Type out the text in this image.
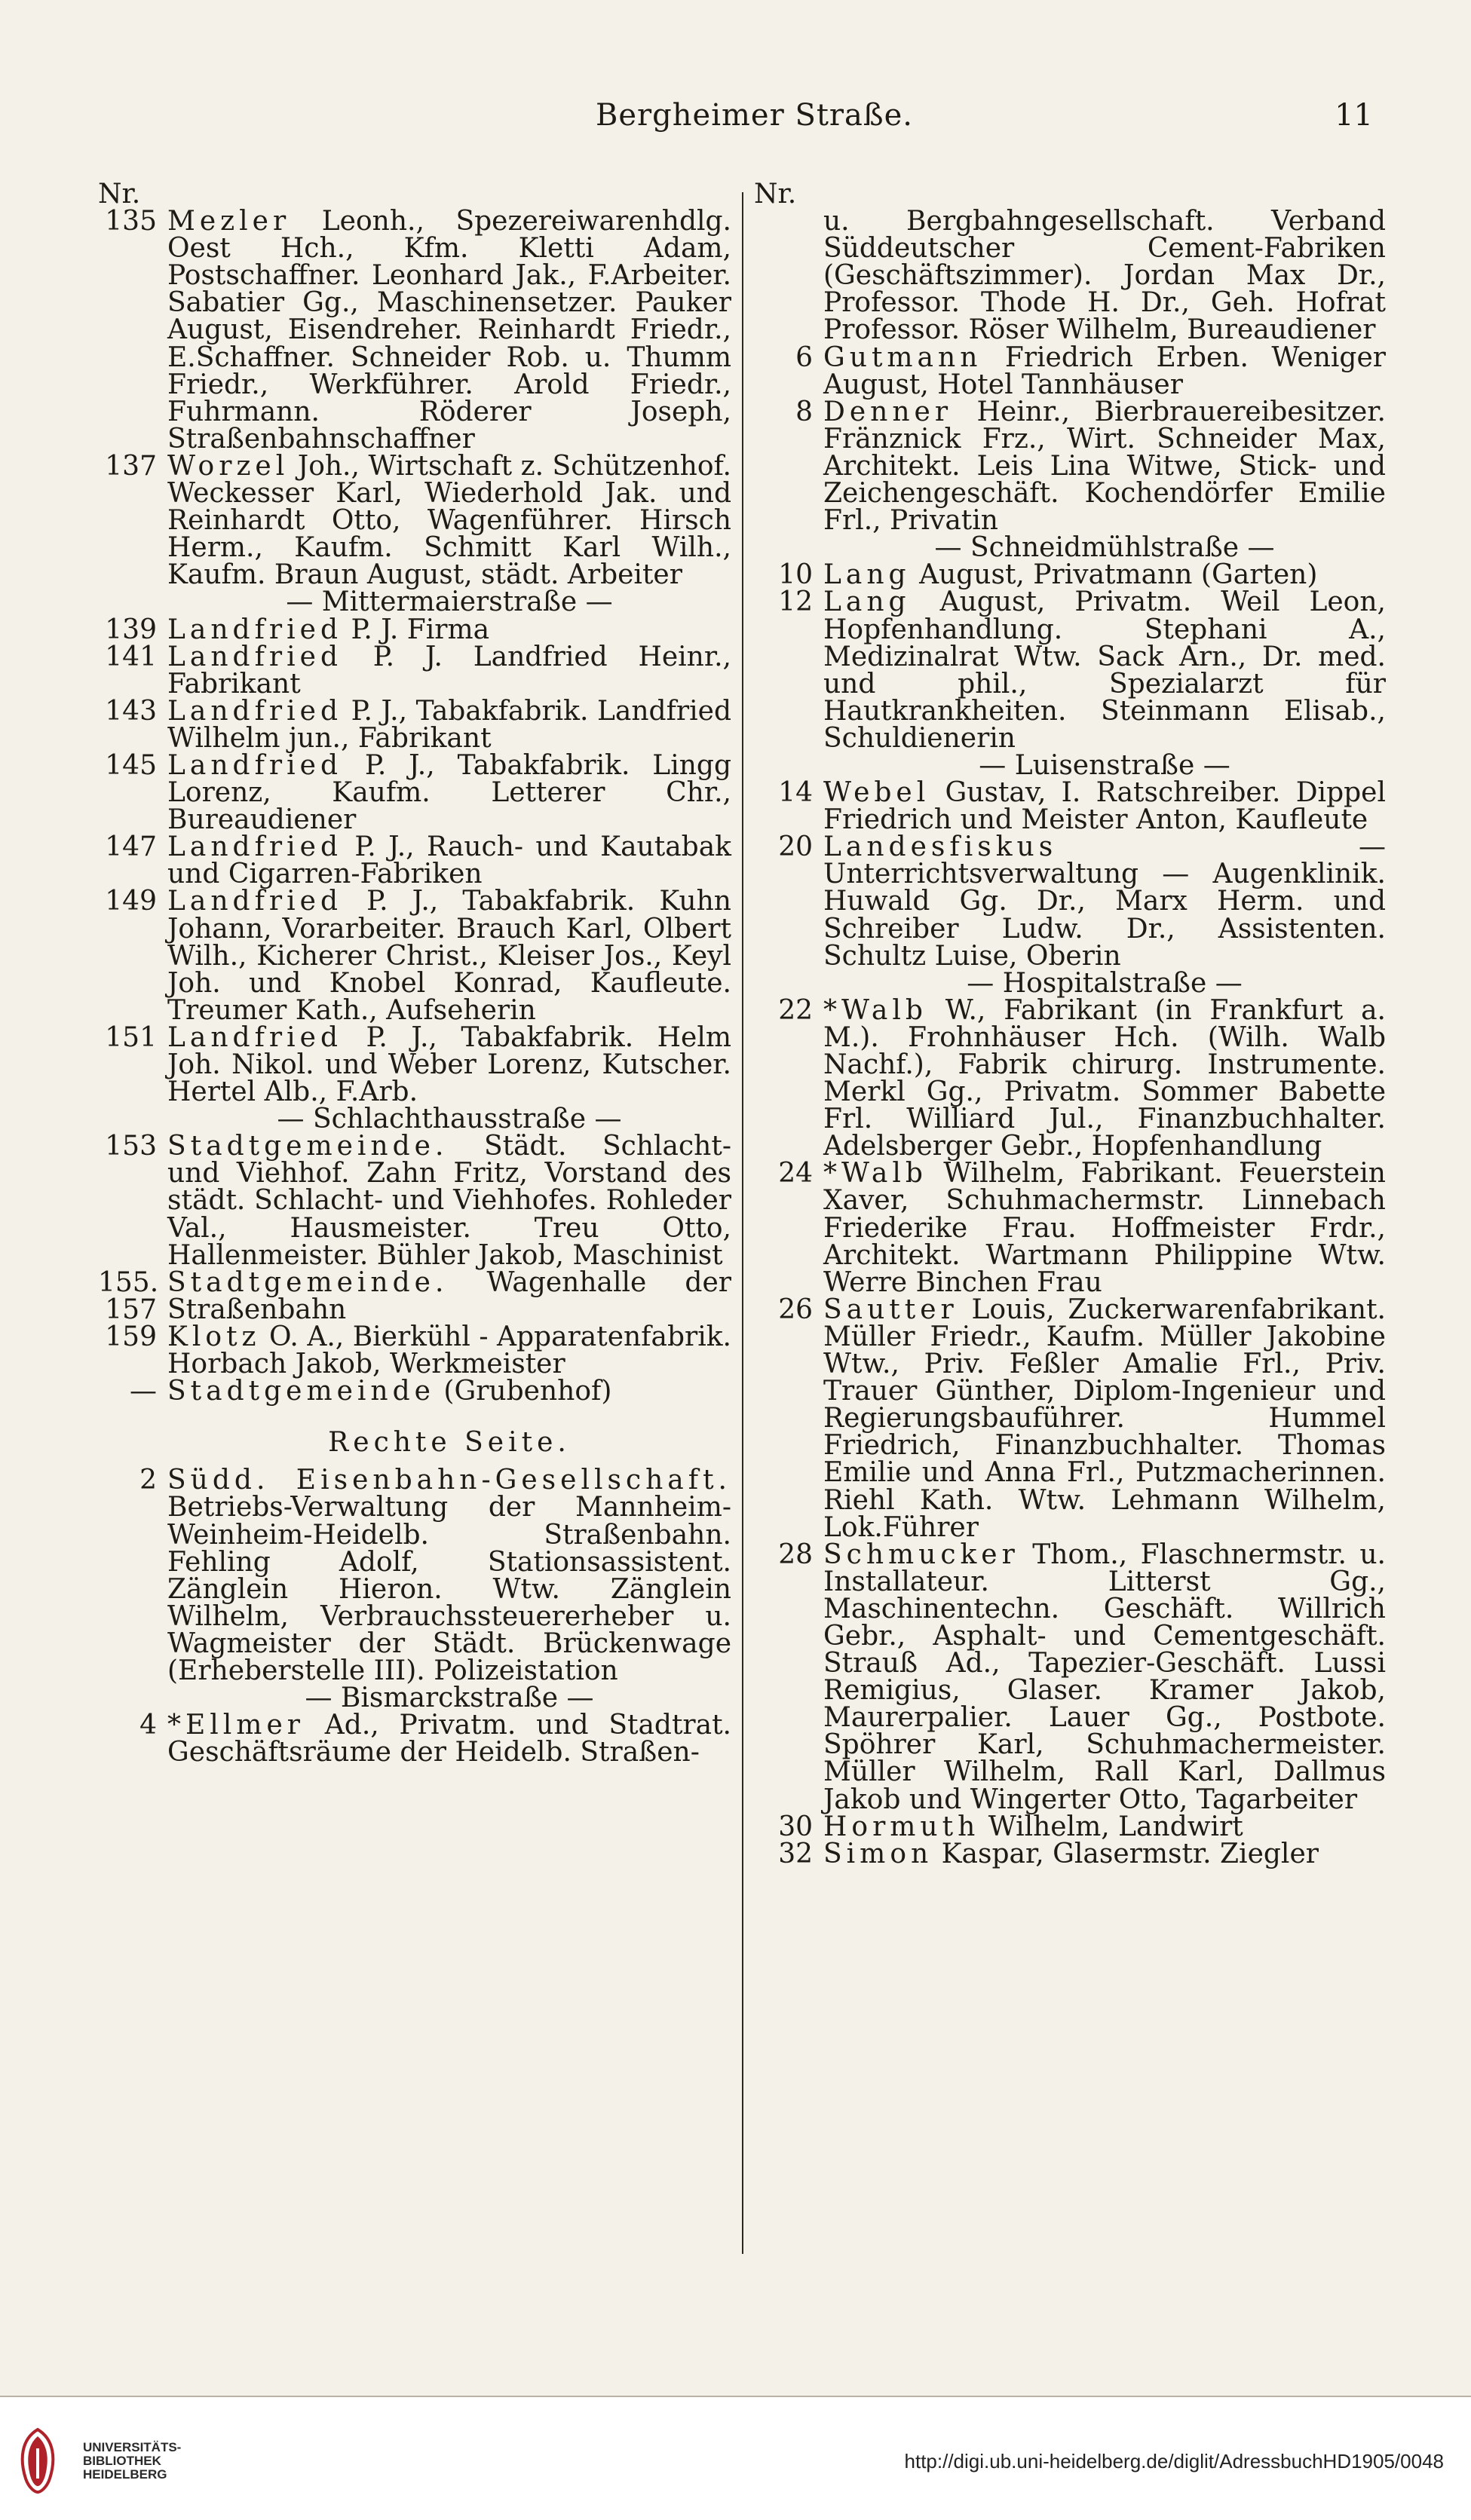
Bergheimer Straße.	11
Nr.
135 Mezler Leonh., Spezereiwarenhdlg. Oest Hch., Kfm. Kletti Adam, Postschaffner. Leonhard Jak., F.Arbeiter. Sabatier Gg., Maschinensetzer. Pauker August, Eisendreher. Reinhardt Friedr., E.Schaffner. Schneider Rob. u. Thumm Friedr., Werkführer. Arold Friedr., Fuhrmann. Röderer Joseph, Straßenbahnschaffner
137 Worzel Joh., Wirtschaft z. Schützenhof. Weckesser Karl, Wiederhold Jak. und Reinhardt Otto, Wagenführer. Hirsch Herm., Kaufm. Schmitt Karl Wilh., Kaufm. Braun August, städt. Arbeiter
— Mittermaierstraße —
139 Landfried P. J. Firma
141 Landfried P. J. Landfried Heinr., Fabrikant
143 Landfried P. J., Tabakfabrik. Landfried Wilhelm jun., Fabrikant
145 Landfried P. J., Tabakfabrik. Lingg Lorenz, Kaufm. Letterer Chr., Bureaudiener
147 Landfried P. J., Rauch- und Kautabak und Cigarren-Fabriken
149 Landfried P. J., Tabakfabrik. Kuhn Johann, Vorarbeiter. Brauch Karl, Olbert Wilh., Kicherer Christ., Kleiser Jos., Keyl Joh. und Knobel Konrad, Kaufleute. Treumer Kath., Aufseherin
151 Landfried P. J., Tabakfabrik. Helm Joh. Nikol. und Weber Lorenz, Kutscher. Hertel Alb., F.Arb.
— Schlachthausstraße —
153 Stadtgemeinde. Städt. Schlacht- und Viehhof. Zahn Fritz, Vorstand des städt. Schlacht- und Viehhofes. Rohleder Val., Hausmeister. Treu Otto, Hallenmeister. Bühler Jakob, Maschinist
155. 157
Stadtgemeinde. Wagenhalle der Straßenbahn
159 Klotz O. A., Bierkühl - Apparatenfabrik. Horbach Jakob, Werkmeister
— Stadtgemeinde (Grubenhof)
Rechte Seite.
2 Südd. Eisenbahn-Gesellschaft. Betriebs-Verwaltung der Mannheim-Weinheim-Heidelb. Straßenbahn. Fehling Adolf, Stationsassistent. Zänglein Hieron. Wtw. Zänglein Wilhelm, Verbrauchssteuererheber u. Wagmeister der Städt. Brückenwage (Erheberstelle III). Polizeistation
— Bismarckstraße —
4 *Ellmer Ad., Privatm. und Stadtrat. Geschäftsräume der Heidelb. Straßen-
Nr.
u. Bergbahngesellschaft. Verband Süddeutscher Cement-Fabriken (Geschäftszimmer). Jordan Max Dr., Professor. Thode H. Dr., Geh. Hofrat Professor. Röser Wilhelm, Bureaudiener
6 Gutmann Friedrich Erben. Weniger August, Hotel Tannhäuser
8 Denner Heinr., Bierbrauereibesitzer. Fränznick Frz., Wirt. Schneider Max, Architekt. Leis Lina Witwe, Stick- und Zeichengeschäft. Kochendörfer Emilie Frl., Privatin
— Schneidmühlstraße —
10 Lang August, Privatmann (Garten)
12 Lang August, Privatm. Weil Leon, Hopfenhandlung. Stephani A., Medizinalrat Wtw. Sack Arn., Dr. med. und phil., Spezialarzt für Hautkrankheiten. Steinmann Elisab., Schuldienerin
— Luisenstraße —
14 Webel Gustav, I. Ratschreiber. Dippel Friedrich und Meister Anton, Kaufleute
20 Landesfiskus	— Unterrichtsverwaltung — Augenklinik. Huwald Gg. Dr., Marx Herm. und Schreiber Ludw. Dr., Assistenten. Schultz Luise, Oberin
— Hospitalstraße —
22 *Walb W., Fabrikant (in Frankfurt a. M.). Frohnhäuser Hch. (Wilh. Walb Nachf.), Fabrik chirurg. Instrumente. Merkl Gg., Privatm. Sommer Babette Frl. Williard Jul., Finanzbuchhalter. Adelsberger Gebr., Hopfenhandlung
24 *Walb Wilhelm, Fabrikant. Feuerstein Xaver, Schuhmachermstr. Linnebach Friederike Frau. Hoffmeister Frdr., Architekt. Wartmann Philippine Wtw. Werre Binchen Frau
26 Sautter Louis, Zuckerwarenfabrikant. Müller Friedr., Kaufm. Müller Jakobine Wtw., Priv. Feßler Amalie Frl., Priv. Trauer Günther, Diplom-Ingenieur und Regierungsbauführer. Hummel Friedrich, Finanzbuchhalter. Thomas Emilie und Anna Frl., Putzmacherinnen. Riehl Kath. Wtw. Lehmann Wilhelm, Lok.Führer
28 Schmucker Thom., Flaschnermstr. u. Installateur. Litterst Gg., Maschinentechn. Geschäft. Willrich Gebr., Asphalt- und Cementgeschäft. Strauß Ad., Tapezier-Geschäft. Lussi Remigius, Glaser. Kramer Jakob, Maurerpalier. Lauer Gg., Postbote. Spöhrer Karl, Schuhmachermeister. Müller Wilhelm, Rall Karl, Dallmus Jakob und Wingerter Otto, Tagarbeiter
30 Hormuth Wilhelm, Landwirt
32 Simon Kaspar, Glasermstr. Ziegler
UNIVERSITÄTS-
BIBLIOTHEK
HEIDELBERG
http://digi.ub.uni-heidelberg.de/diglit/AdressbuchHD1905/0048
